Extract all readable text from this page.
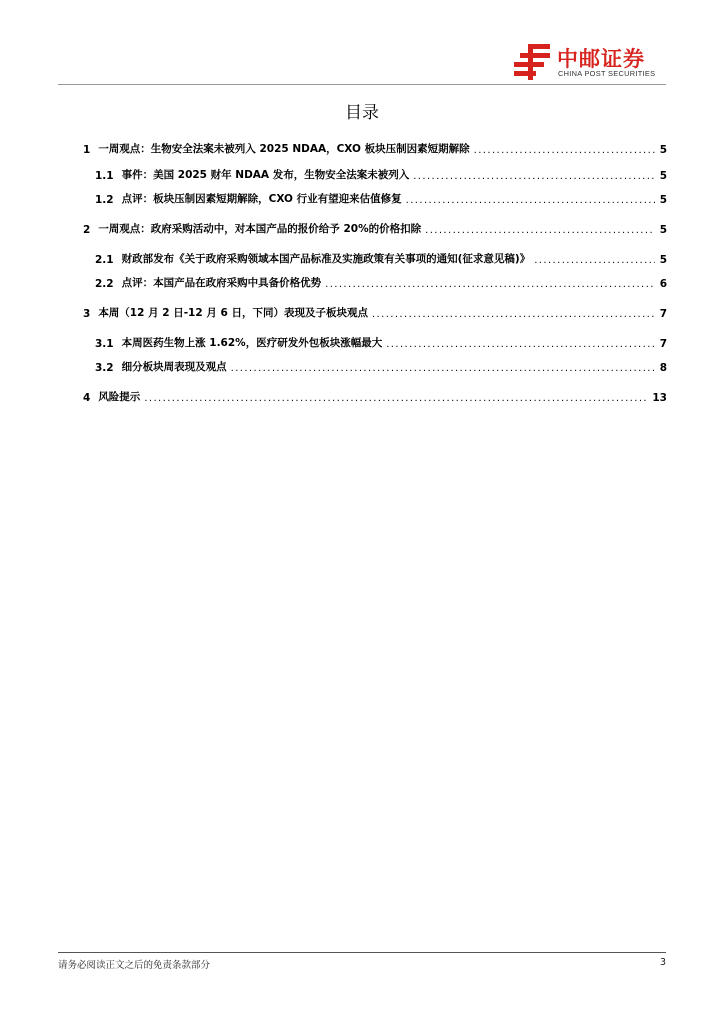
中邮证券
CHINA POST SECURITIES
目录
1 一周观点：生物安全法案未被列入 2025 NDAA，CXO 板块压制因素短期解除 .....	5
1.1 事件：美国 2025 财年 NDAA 发布，生物安全法案未被列入 .....	5
1.2 点评：板块压制因素短期解除，CXO 行业有望迎来估值修复 .....	5
2 一周观点：政府采购活动中，对本国产品的报价给予 20%的价格扣除 .....	5
2.1 财政部发布《关于政府采购领域本国产品标准及实施政策有关事项的通知(征求意见稿)》 .....	5
2.2 点评：本国产品在政府采购中具备价格优势 .....	6
3 本周（12 月 2 日-12 月 6 日，下同）表现及子板块观点 .....	7
3.1 本周医药生物上涨 1.62%，医疗研发外包板块涨幅最大 .....	7
3.2 细分板块周表现及观点 .....	8
4 风险提示 .....	13
请务必阅读正文之后的免责条款部分	3
